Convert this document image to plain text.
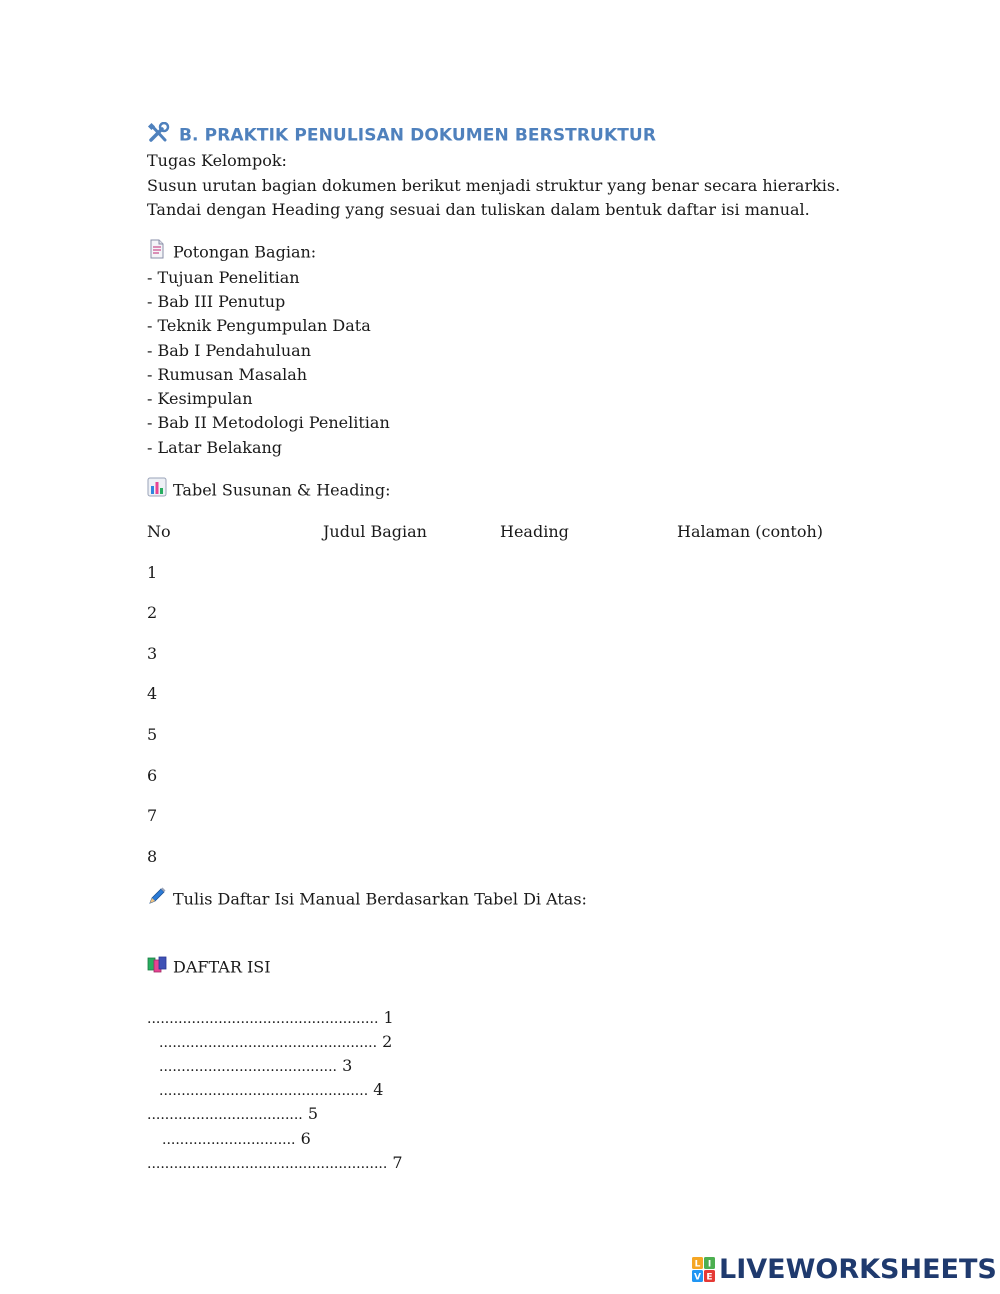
B. PRAKTIK PENULISAN DOKUMEN BERSTRUKTUR
Tugas Kelompok:
Susun urutan bagian dokumen berikut menjadi struktur yang benar secara hierarkis.
Tandai dengan Heading yang sesuai dan tuliskan dalam bentuk daftar isi manual.
Potongan Bagian:
- Tujuan Penelitian
- Bab III Penutup
- Teknik Pengumpulan Data
- Bab I Pendahuluan
- Rumusan Masalah
- Kesimpulan
- Bab II Metodologi Penelitian
- Latar Belakang
Tabel Susunan & Heading:
No	Judul Bagian	Heading	Halaman (contoh)
1
2
3
4
5
6
7
8
Tulis Daftar Isi Manual Berdasarkan Tabel Di Atas:
DAFTAR ISI
.................................................... 1
................................................. 2
........................................ 3
............................................... 4
................................... 5
.............................. 6
...................................................... 7
L I
V E LIVEWORKSHEETS
